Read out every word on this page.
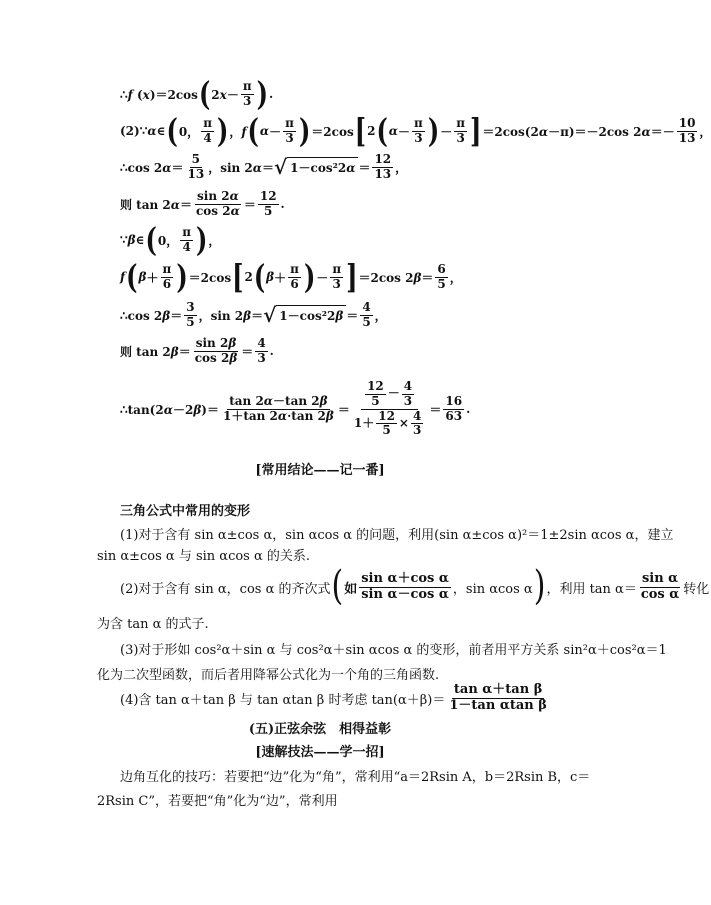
∴f (x)＝2cos ( $2x- \frac{\pi}{3}$ ) .
(2)∵α∈ ( 0， $\frac{\pi}{4}$ ) ，f ( $\alpha - \frac{\pi}{3}$ ) ＝2cos [ 2 ( $\alpha - \frac{\pi}{3}$ ) － $\frac{\pi}{3}$ ] ＝2cos(2α－π)＝－2cos $2\alpha=- \frac{10}{13}$ ，
∴cos $2\alpha= \frac{5}{13}$ ，sin 2α＝ √ $1-\cos^22\alpha = \frac{12}{13}$ ，
则 $\tan 2\alpha= \frac{\sin 2\alpha}{\cos 2\alpha} = \frac{12}{5}$ .
∵β∈ ( 0， $\frac{\pi}{4}$ ) ，
f ( $\beta + \frac{\pi}{6}$ ) ＝2cos [ 2 ( $\beta + \frac{\pi}{6}$ ) － $\frac{\pi}{3}$ ] ＝2cos $2\beta= \frac{6}{5}$ ，
∴cos $2\beta= \frac{3}{5}$ ，sin 2β＝ √ $1-\cos^22\beta = \frac{4}{5}$ ，
则 $\tan 2\beta= \frac{\sin 2\beta}{\cos 2\beta} = \frac{4}{3}$ .
∴tan(2α－2β)＝ $\frac{\tan 2\alpha-\tan 2\beta}{1+\tan 2\alpha\cdot\tan 2\beta} = \frac{\frac{12}{5} - \frac{4}{3}}{1+ \frac{12}{5} \times \frac{4}{3}} = \frac{16}{63}$ .

[常用结论——记一番]

三角公式中常用的变形

(1)对于含有 sin α±cos α，sin αcos α 的问题，利用(sin α±cos α)²＝1±2sin αcos α，建立

sin α±cos α 与 sin αcos α 的关系.

(2)对于含有 sin α，cos α 的齐次式 ( 如 $\frac{\text{sin α＋cos α}}{\text{sin α－cos α}}$ ，sin αcos α ) ，利用 $\tan \alpha= \frac{\text{sin α}}{\text{cos α}}$ 转化

为含 tan α 的式子.

(3)对于形如 cos²α＋sin α 与 cos²α＋sin αcos α 的变形，前者用平方关系 sin²α＋cos²α＝1

化为二次型函数，而后者用降幂公式化为一个角的三角函数.

(4)含 tan α＋tan β 与 tan αtan β 时考虑 $\tan(\alpha+\beta)= \frac{\text{tan α＋tan β}}{\text{1－tan αtan β}}$

(五)正弦余弦　相得益彰

[速解技法——学一招]

边角互化的技巧：若要把“边”化为“角”，常利用“a＝2Rsin A，b＝2Rsin B，c＝

2Rsin C”，若要把“角”化为“边”，常利用
